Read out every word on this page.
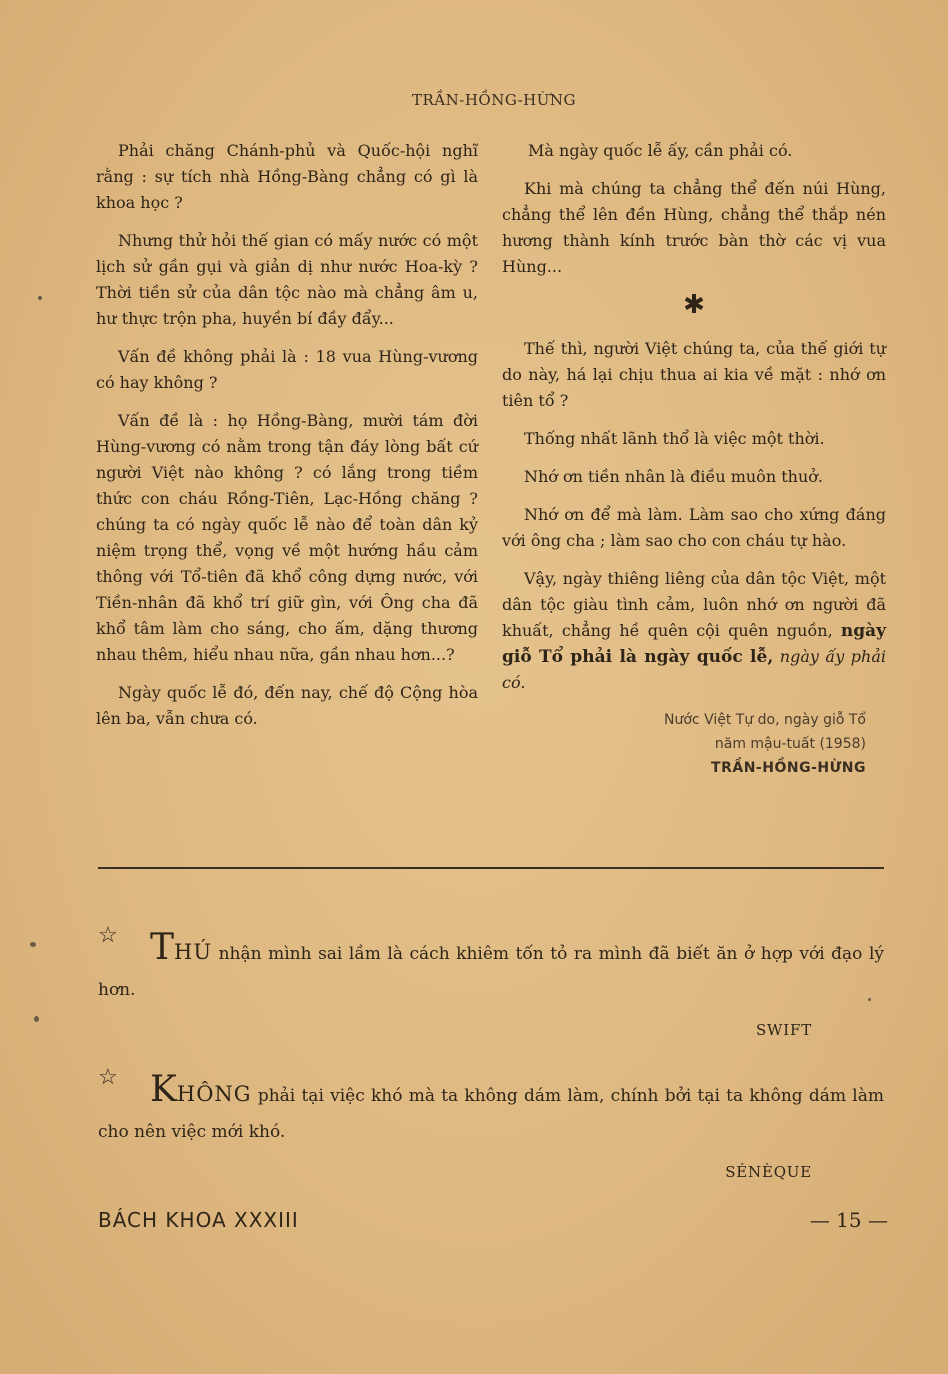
TRẦN-HỒNG-HỪNG

Phải chăng Chánh-phủ và Quốc-hội nghĩ rằng : sự tích nhà Hồng-Bàng chẳng có gì là khoa học ?

Nhưng thử hỏi thế gian có mấy nước có một lịch sử gần gụi và giản dị như nước Hoa-kỳ ? Thời tiền sử của dân tộc nào mà chẳng âm u, hư thực trộn pha, huyền bí đầy đẩy...

Vấn đề không phải là : 18 vua Hùng-vương có hay không ?

Vấn đề là : họ Hồng-Bàng, mười tám đời Hùng-vương có nằm trong tận đáy lòng bất cứ người Việt nào không ? có lắng trong tiềm thức con cháu Rồng-Tiên, Lạc-Hồng chăng ? chúng ta có ngày quốc lễ nào để toàn dân kỷ niệm trọng thể, vọng về một hướng hầu cảm thông với Tổ-tiên đã khổ công dựng nước, với Tiền-nhân đã khổ trí giữ gìn, với Ông cha đã khổ tâm làm cho sáng, cho ấm, dặng thương nhau thêm, hiểu nhau nữa, gần nhau hơn...?

Ngày quốc lễ đó, đến nay, chế độ Cộng hòa lên ba, vẫn chưa có.

Mà ngày quốc lễ ấy, cần phải có.

Khi mà chúng ta chẳng thể đến núi Hùng, chẳng thể lên đền Hùng, chẳng thể thắp nén hương thành kính trước bàn thờ các vị vua Hùng...

✱

Thế thì, người Việt chúng ta, của thế giới tự do này, há lại chịu thua ai kia về mặt : nhớ ơn tiên tổ ?

Thống nhất lãnh thổ là việc một thời.

Nhớ ơn tiền nhân là điều muôn thuở.

Nhớ ơn để mà làm. Làm sao cho xứng đáng với ông cha ; làm sao cho con cháu tự hào.

Vậy, ngày thiêng liêng của dân tộc Việt, một dân tộc giàu tình cảm, luôn nhớ ơn người đã khuất, chẳng hề quên cội quên nguồn, ngày giỗ Tổ phải là ngày quốc lễ, ngày ấy phải có.

Nước Việt Tự do, ngày giỗ Tổ
năm mậu-tuất (1958)
TRẦN-HỒNG-HỪNG
☆ THÚ nhận mình sai lầm là cách khiêm tốn tỏ ra mình đã biết ăn ở hợp với đạo lý hơn.

SWIFT
☆ KHÔNG phải tại việc khó mà ta không dám làm, chính bởi tại ta không dám làm cho nên việc mới khó.

SÉNÈQUE
BÁCH KHOA XXXIII	— 15 —
